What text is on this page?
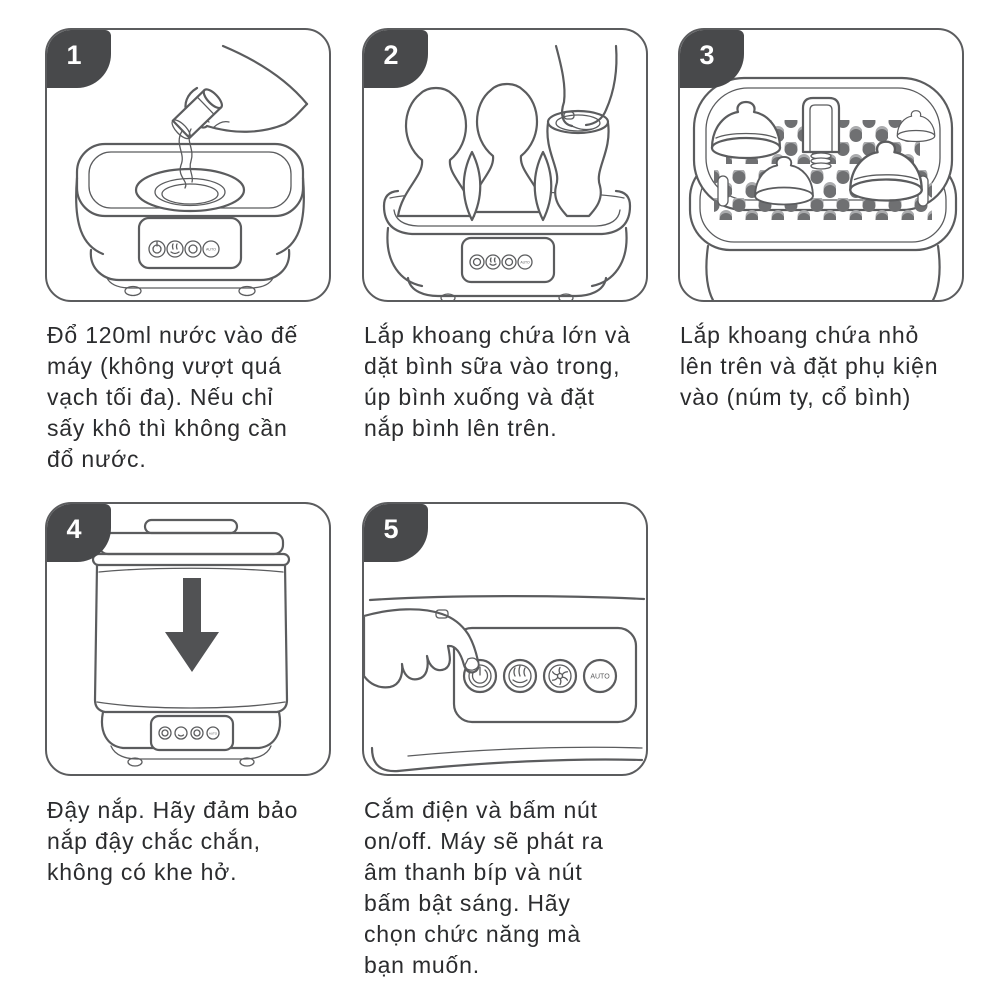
AUTO
1
Đổ 120ml nước vào đế
máy (không vượt quá
vạch tối đa). Nếu chỉ
sấy khô thì không cần
đổ nước.
AUTO
2
Lắp khoang chứa lớn và
dặt bình sữa vào trong,
úp bình xuống và đặt
nắp bình lên trên.
3
Lắp khoang chứa nhỏ
lên trên và đặt phụ kiện
vào (núm ty, cổ bình)
AUTO
4
Đậy nắp. Hãy đảm bảo
nắp đậy chắc chắn,
không có khe hở.
AUTO
5
Cắm điện và bấm nút
on/off. Máy sẽ phát ra
âm thanh bíp và nút
bấm bật sáng. Hãy
chọn chức năng mà
bạn muốn.
